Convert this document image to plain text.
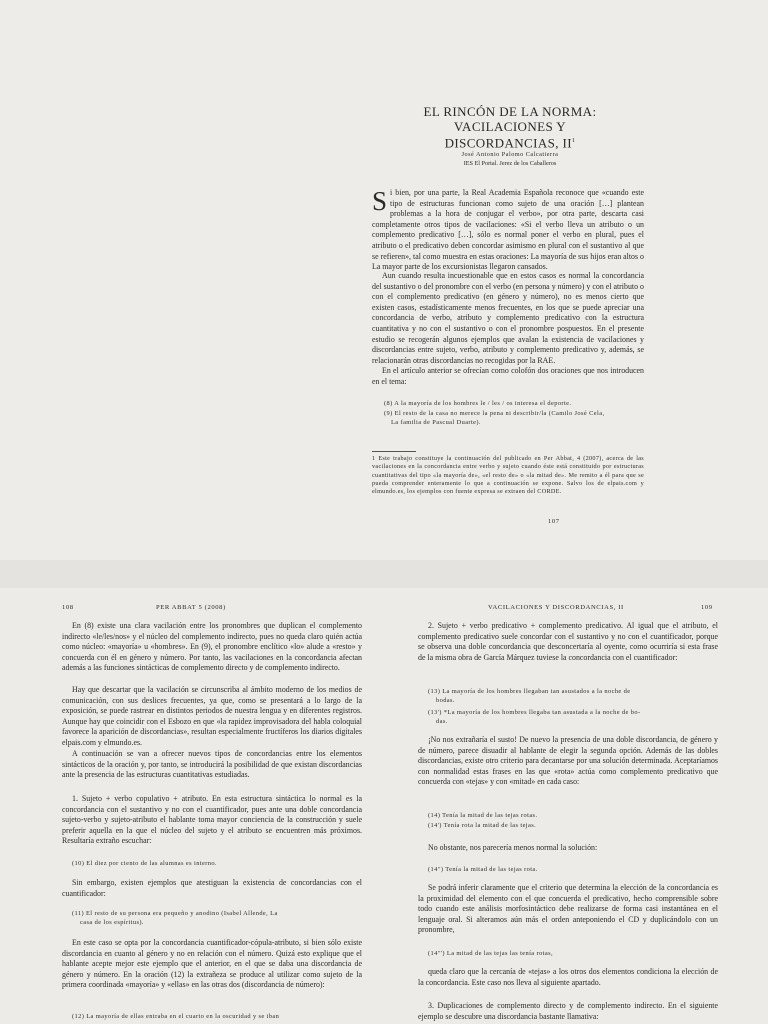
EL RINCÓN DE LA NORMA:
VACILACIONES Y DISCORDANCIAS, $II^1$
José Antonio Palomo Calcatierra
IES El Portal. Jerez de los Caballeros
Si bien, por una parte, la Real Academia Española reconoce que «cuando este tipo de estructuras funcionan como sujeto de una oración […] plantean problemas a la hora de conjugar el verbo», por otra parte, descarta casi completamente otros tipos de vacilaciones: «Si el verbo lleva un atributo o un complemento predicativo […], sólo es normal poner el verbo en plural, pues el atributo o el predicativo deben concordar asimismo en plural con el sustantivo al que se refieren», tal como muestra en estas oraciones: La mayoría de sus hijos eran altos o La mayor parte de los excursionistas llegaron cansados.
Aun cuando resulta incuestionable que en estos casos es normal la concordancia del sustantivo o del pronombre con el verbo (en persona y número) y con el atributo o con el complemento predicativo (en género y número), no es menos cierto que existen casos, estadísticamente menos frecuentes, en los que se puede apreciar una concordancia de verbo, atributo y complemento predicativo con la estructura cuantitativa y no con el sustantivo o con el pronombre pospuestos. En el presente estudio se recogerán algunos ejemplos que avalan la existencia de vacilaciones y discordancias entre sujeto, verbo, atributo y complemento predicativo y, además, se relacionarán otras discordancias no recogidas por la RAE.
En el artículo anterior se ofrecían como colofón dos oraciones que nos introducen en el tema:
(8) A la mayoría de los hombres le / les / os interesa el deporte.
(9) El resto de la casa no merece la pena ni describir/la (Camilo José Cela,
La familia de Pascual Duarte).
1 Este trabajo constituye la continuación del publicado en Per Abbat, 4 (2007), acerca de las vacilaciones en la concordancia entre verbo y sujeto cuando éste está constituido por estructuras cuantitativas del tipo «la mayoría de», «el resto de» o «la mitad de». Me remito a él para que se pueda comprender enteramente lo que a continuación se expone. Salvo los de elpais.com y elmundo.es, los ejemplos con fuente expresa se extraen del CORDE.
107
108	PER ABBAT 5 (2008)
En (8) existe una clara vacilación entre los pronombres que duplican el complemento indirecto «le/les/nos» y el núcleo del complemento indirecto, pues no queda claro quién actúa como núcleo: «mayoría» u «hombres». En (9), el pronombre enclítico «lo» alude a «resto» y concuerda con él en género y número. Por tanto, las vacilaciones en la concordancia afectan además a las funciones sintácticas de complemento directo y de complemento indirecto.
Hay que descartar que la vacilación se circunscriba al ámbito moderno de los medios de comunicación, con sus deslices frecuentes, ya que, como se presentará a lo largo de la exposición, se puede rastrear en distintos periodos de nuestra lengua y en diferentes registros. Aunque hay que coincidir con el Esbozo en que «la rapidez improvisadora del habla coloquial favorece la aparición de discordancias», resultan especialmente fructíferos los diarios digitales elpais.com y elmundo.es.
A continuación se van a ofrecer nuevos tipos de concordancias entre los elementos sintácticos de la oración y, por tanto, se introducirá la posibilidad de que existan discordancias ante la presencia de las estructuras cuantitativas estudiadas.
1. Sujeto + verbo copulativo + atributo. En esta estructura sintáctica lo normal es la concordancia con el sustantivo y no con el cuantificador, pues ante una doble concordancia sujeto-verbo y sujeto-atributo el hablante toma mayor conciencia de la construcción y suele preferir aquella en la que el núcleo del sujeto y el atributo se encuentren más próximos. Resultaría extraño escuchar:
(10) El diez por ciento de las alumnas es interno.
Sin embargo, existen ejemplos que atestiguan la existencia de concordancias con el cuantificador:
(11) El resto de su persona era pequeño y anodino (Isabel Allende, La
casa de los espíritus).
En este caso se opta por la concordancia cuantificador-cópula-atributo, si bien sólo existe discordancia en cuanto al género y no en relación con el número. Quizá esto explique que el hablante acepte mejor este ejemplo que el anterior, en el que se daba una discordancia de género y número. En la oración (12) la extrañeza se produce al utilizar como sujeto de la primera coordinada «mayoría» y «ellas» en las otras dos (discordancia de número):
(12) La mayoría de ellas entraba en el cuarto en la oscuridad y se iban
VACILACIONES Y DISCORDANCIAS, II	109
2. Sujeto + verbo predicativo + complemento predicativo. Al igual que el atributo, el complemento predicativo suele concordar con el sustantivo y no con el cuantificador, porque se observa una doble concordancia que desconcertaría al oyente, como ocurriría si esta frase de la misma obra de García Márquez tuviese la concordancia con el cuantificador:
(13) La mayoría de los hombres llegaban tan asustados a la noche de
bodas.
(13') *La mayoría de los hombres llegaba tan asustada a la noche de bo-
das.
¡No nos extrañaría el susto! De nuevo la presencia de una doble discordancia, de género y de número, parece disuadir al hablante de elegir la segunda opción. Además de las dobles discordancias, existe otro criterio para decantarse por una solución determinada. Aceptaríamos con normalidad estas frases en las que «rota» actúa como complemento predicativo que concuerda con «tejas» y con «mitad» en cada caso:
(14) Tenía la mitad de las tejas rotas.
(14') Tenía rota la mitad de las tejas.
No obstante, nos parecería menos normal la solución:
(14'') Tenía la mitad de las tejas rota.
Se podrá inferir claramente que el criterio que determina la elección de la concordancia es la proximidad del elemento con el que concuerda el predicativo, hecho comprensible sobre todo cuando este análisis morfosintáctico debe realizarse de forma casi instantánea en el lenguaje oral. Si alteramos aún más el orden anteponiendo el CD y duplicándolo con un pronombre,
(14''') La mitad de las tejas las tenía rotas,
queda claro que la cercanía de «tejas» a los otros dos elementos condiciona la elección de la concordancia. Este caso nos lleva al siguiente apartado.
3. Duplicaciones de complemento directo y de complemento indirecto. En el siguiente ejemplo se descubre una discordancia bastante llamativa:
